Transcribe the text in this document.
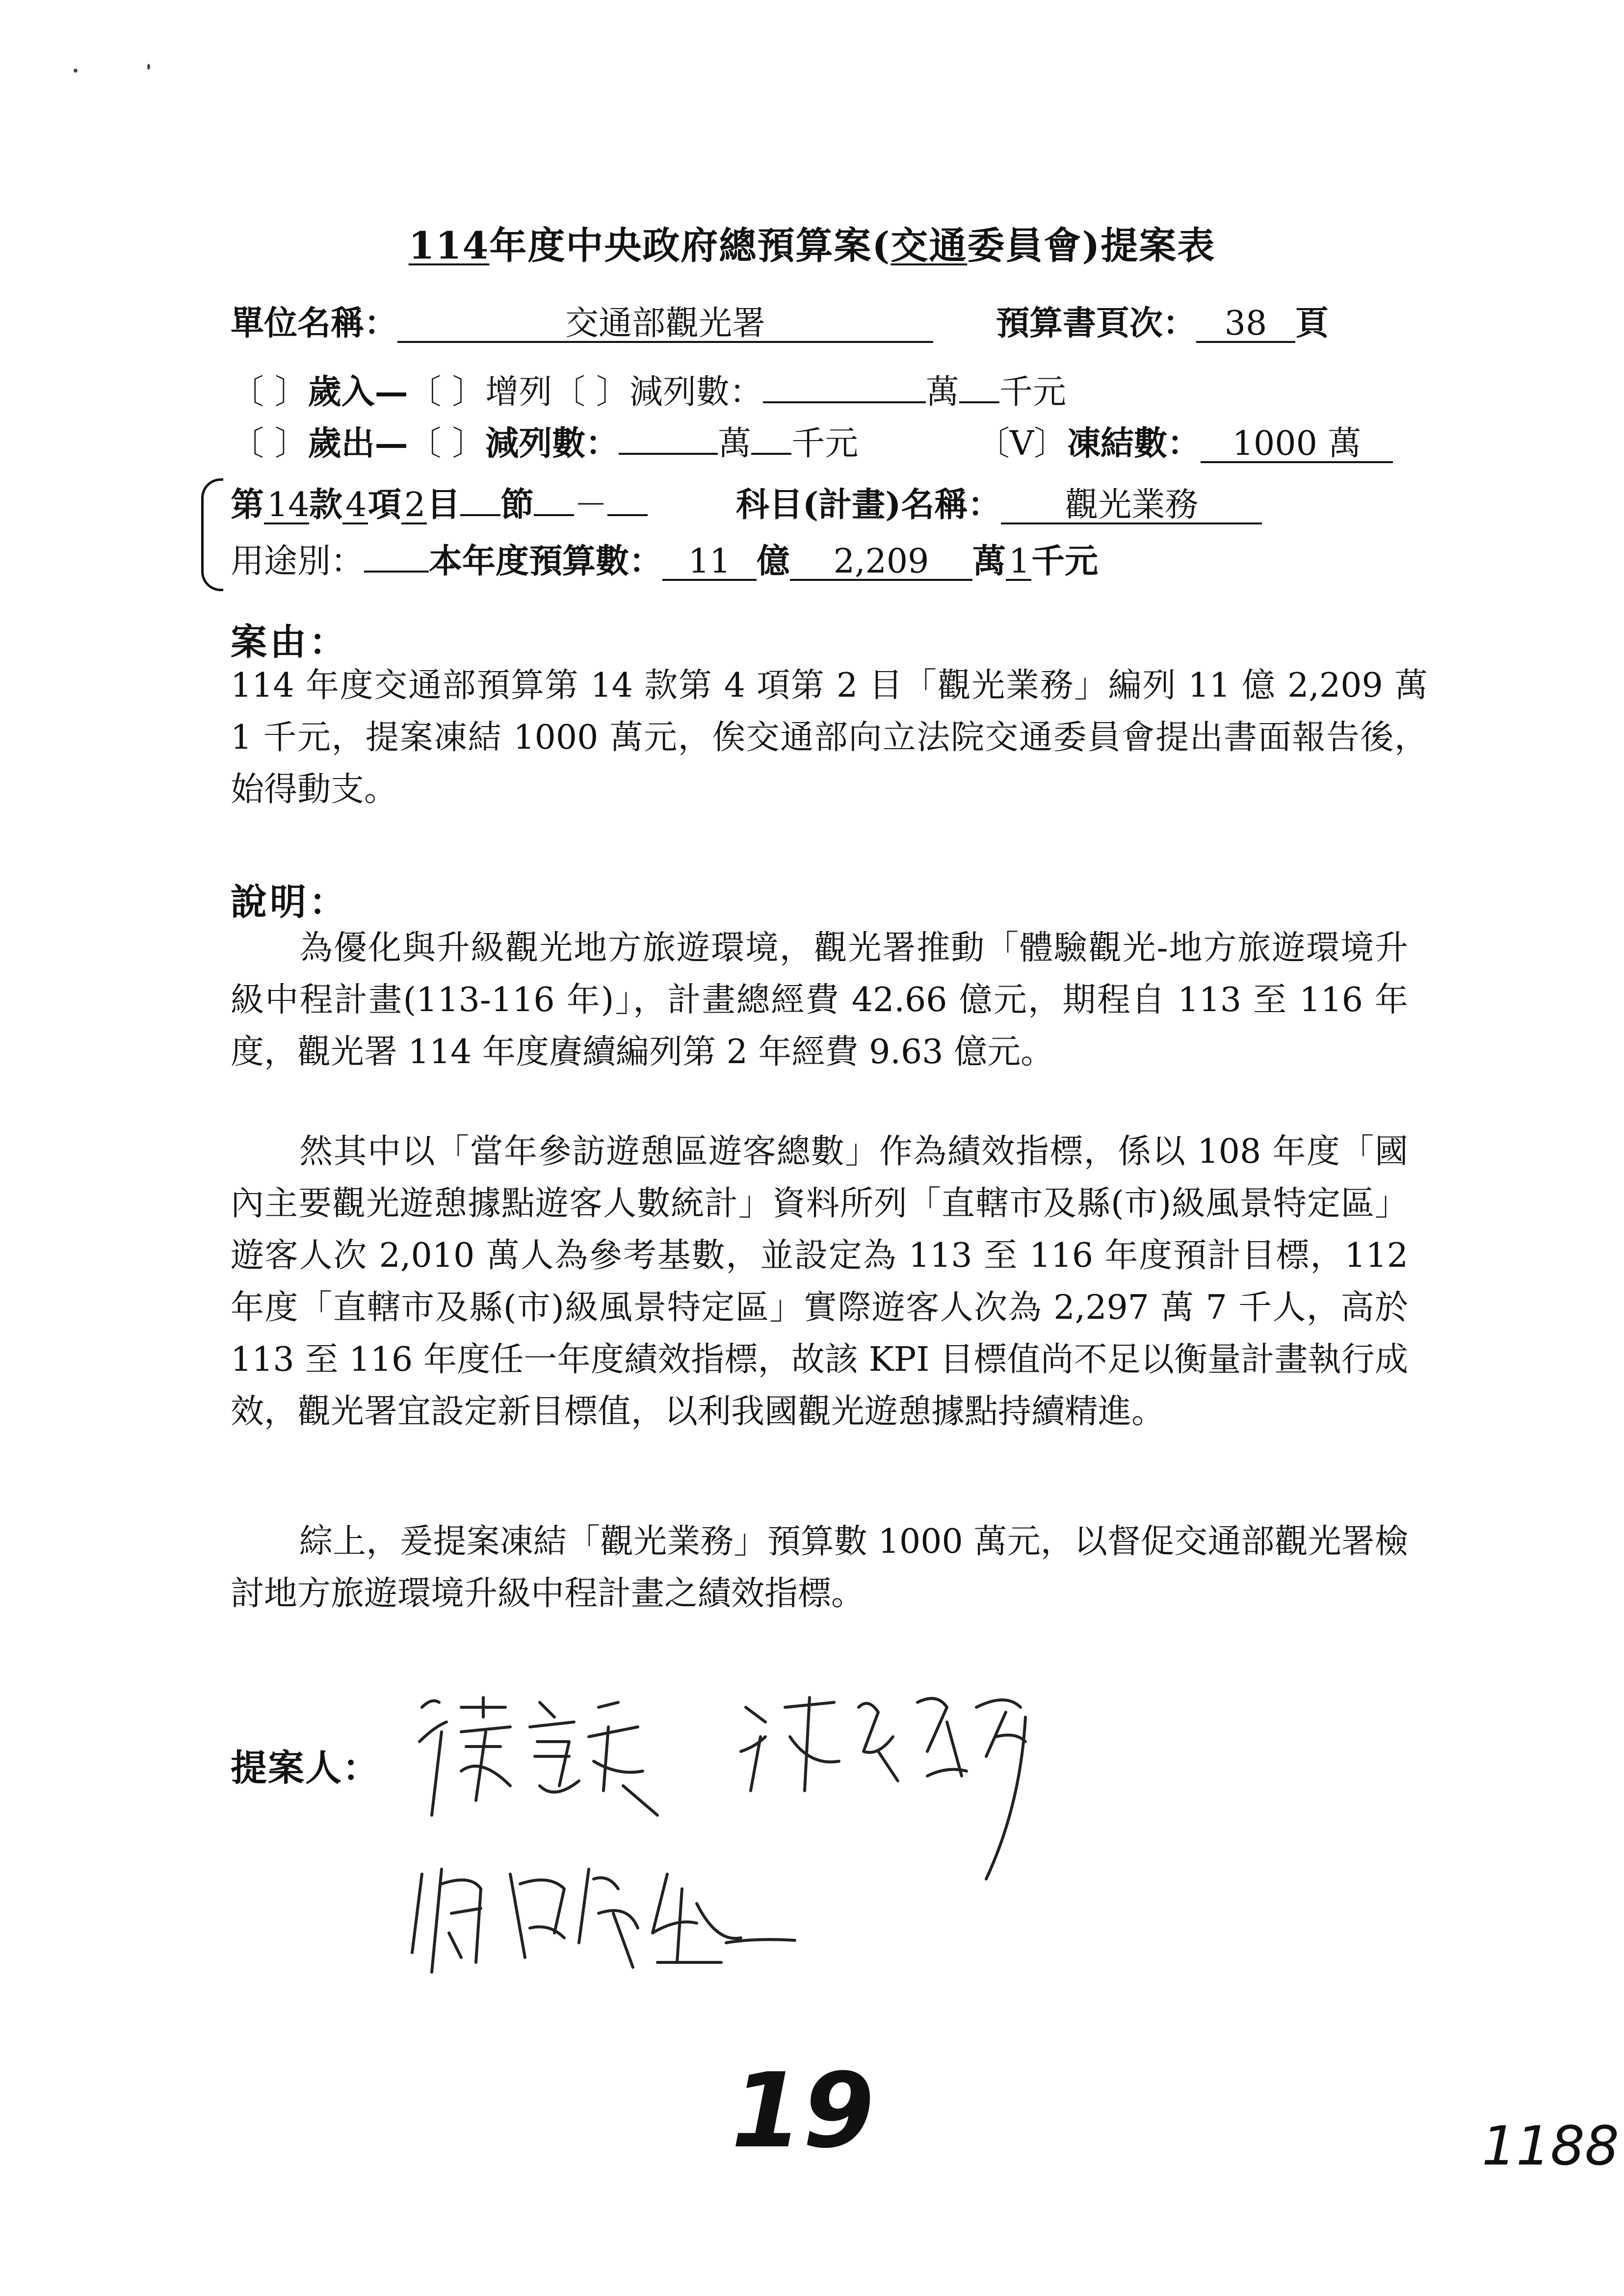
114年度中央政府總預算案(交通委員會)提案表
單位名稱：	交通部觀光署	預算書頁次： 38 頁
〔 〕歲入—〔 〕增列〔 〕減列數：	萬 千元
〔 〕歲出—〔 〕減列數：	萬 千元	〔V〕凍結數： 1000 萬
第14款4項2目 節 －	科目(計畫)名稱： 觀光業務
用途別： 本年度預算數： 11 億 2,209 萬1千元
案由：
114 年度交通部預算第 14 款第 4 項第 2 目「觀光業務」編列 11 億 2,209 萬 1 千元，提案凍結 1000 萬元，俟交通部向立法院交通委員會提出書面報告後，始得動支。
說明：
為優化與升級觀光地方旅遊環境，觀光署推動「體驗觀光-地方旅遊環境升級中程計畫(113-116 年)」，計畫總經費 42.66 億元，期程自 113 至 116 年度，觀光署 114 年度賡續編列第 2 年經費 9.63 億元。
然其中以「當年參訪遊憩區遊客總數」作為績效指標，係以 108 年度「國內主要觀光遊憩據點遊客人數統計」資料所列「直轄市及縣(市)級風景特定區」遊客人次 2,010 萬人為參考基數，並設定為 113 至 116 年度預計目標，112 年度「直轄市及縣(市)級風景特定區」實際遊客人次為 2,297 萬 7 千人，高於 113 至 116 年度任一年度績效指標，故該 KPI 目標值尚不足以衡量計畫執行成效，觀光署宜設定新目標值，以利我國觀光遊憩據點持續精進。
綜上，爰提案凍結「觀光業務」預算數 1000 萬元，以督促交通部觀光署檢討地方旅遊環境升級中程計畫之績效指標。
提案人：
19	1188
